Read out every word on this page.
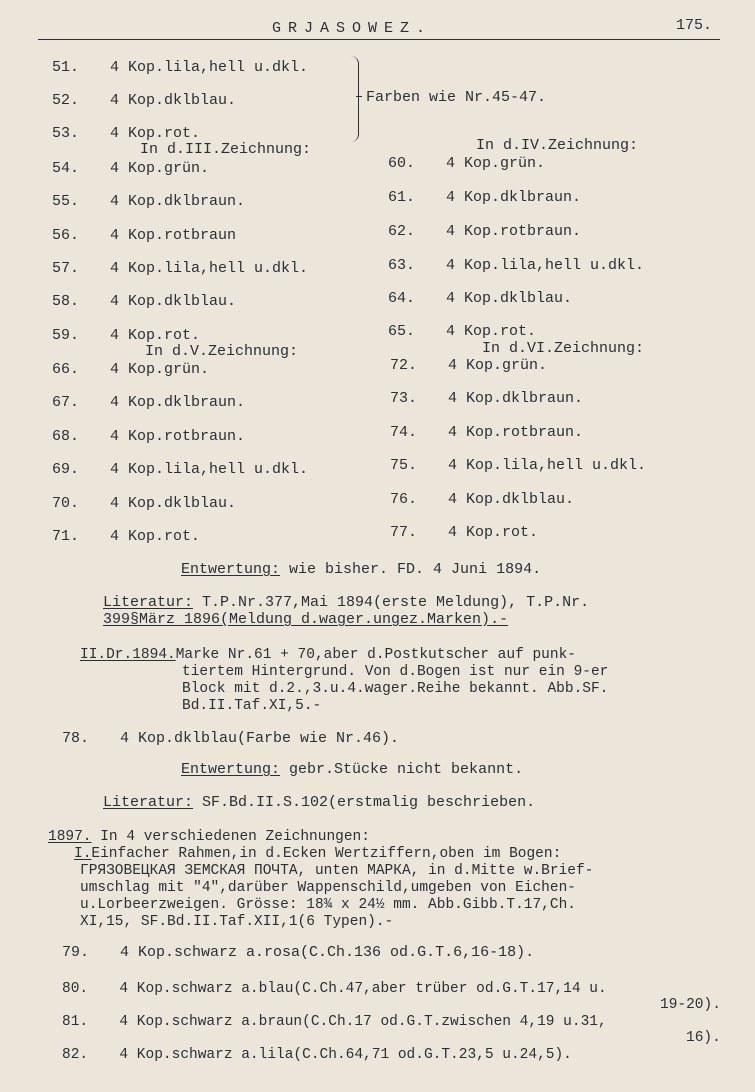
GRJASOWEZ.	175.
51. 4 Kop.lila,hell u.dkl.
52. 4 Kop.dklblau.
53. 4 Kop.rot.
Farben wie Nr.45-47.
In d.III.Zeichnung:	In d.IV.Zeichnung:
54. 4 Kop.grün.
55. 4 Kop.dklbraun.
56. 4 Kop.rotbraun
57. 4 Kop.lila,hell u.dkl.
58. 4 Kop.dklblau.
59. 4 Kop.rot.
60. 4 Kop.grün.
61. 4 Kop.dklbraun.
62. 4 Kop.rotbraun.
63. 4 Kop.lila,hell u.dkl.
64. 4 Kop.dklblau.
65. 4 Kop.rot.
In d.V.Zeichnung:	In d.VI.Zeichnung:
66. 4 Kop.grün.
67. 4 Kop.dklbraun.
68. 4 Kop.rotbraun.
69. 4 Kop.lila,hell u.dkl.
70. 4 Kop.dklblau.
71. 4 Kop.rot.
72. 4 Kop.grün.
73. 4 Kop.dklbraun.
74. 4 Kop.rotbraun.
75. 4 Kop.lila,hell u.dkl.
76. 4 Kop.dklblau.
77. 4 Kop.rot.
Entwertung: wie bisher. FD. 4 Juni 1894.
Literatur: T.P.Nr.377,Mai 1894(erste Meldung), T.P.Nr.
399§März 1896(Meldung d.wager.ungez.Marken).-
II.Dr.1894.Marke Nr.61 + 70,aber d.Postkutscher auf punk-
tiertem Hintergrund. Von d.Bogen ist nur ein 9-er
Block mit d.2.,3.u.4.wager.Reihe bekannt. Abb.SF.
Bd.II.Taf.XI,5.-
78. 4 Kop.dklblau(Farbe wie Nr.46).
Entwertung: gebr.Stücke nicht bekannt.
Literatur: SF.Bd.II.S.102(erstmalig beschrieben.
1897. In 4 verschiedenen Zeichnungen:
I.Einfacher Rahmen,in d.Ecken Wertziffern,oben im Bogen:
ГРЯЗОВЕЦКАЯ ЗЕМСКАЯ ПОЧТА, unten МАРКА, in d.Mitte w.Brief-
umschlag mit "4",darüber Wappenschild,umgeben von Eichen-
u.Lorbeerzweigen. Grösse: 18¾ x 24½ mm. Abb.Gibb.T.17,Ch.
XI,15, SF.Bd.II.Taf.XII,1(6 Typen).-
79. 4 Kop.schwarz a.rosa(C.Ch.136 od.G.T.6,16-18).
80. 4 Kop.schwarz a.blau(C.Ch.47,aber trüber od.G.T.17,14 u.
19-20).
81. 4 Kop.schwarz a.braun(C.Ch.17 od.G.T.zwischen 4,19 u.31,
16).
82. 4 Kop.schwarz a.lila(C.Ch.64,71 od.G.T.23,5 u.24,5).
